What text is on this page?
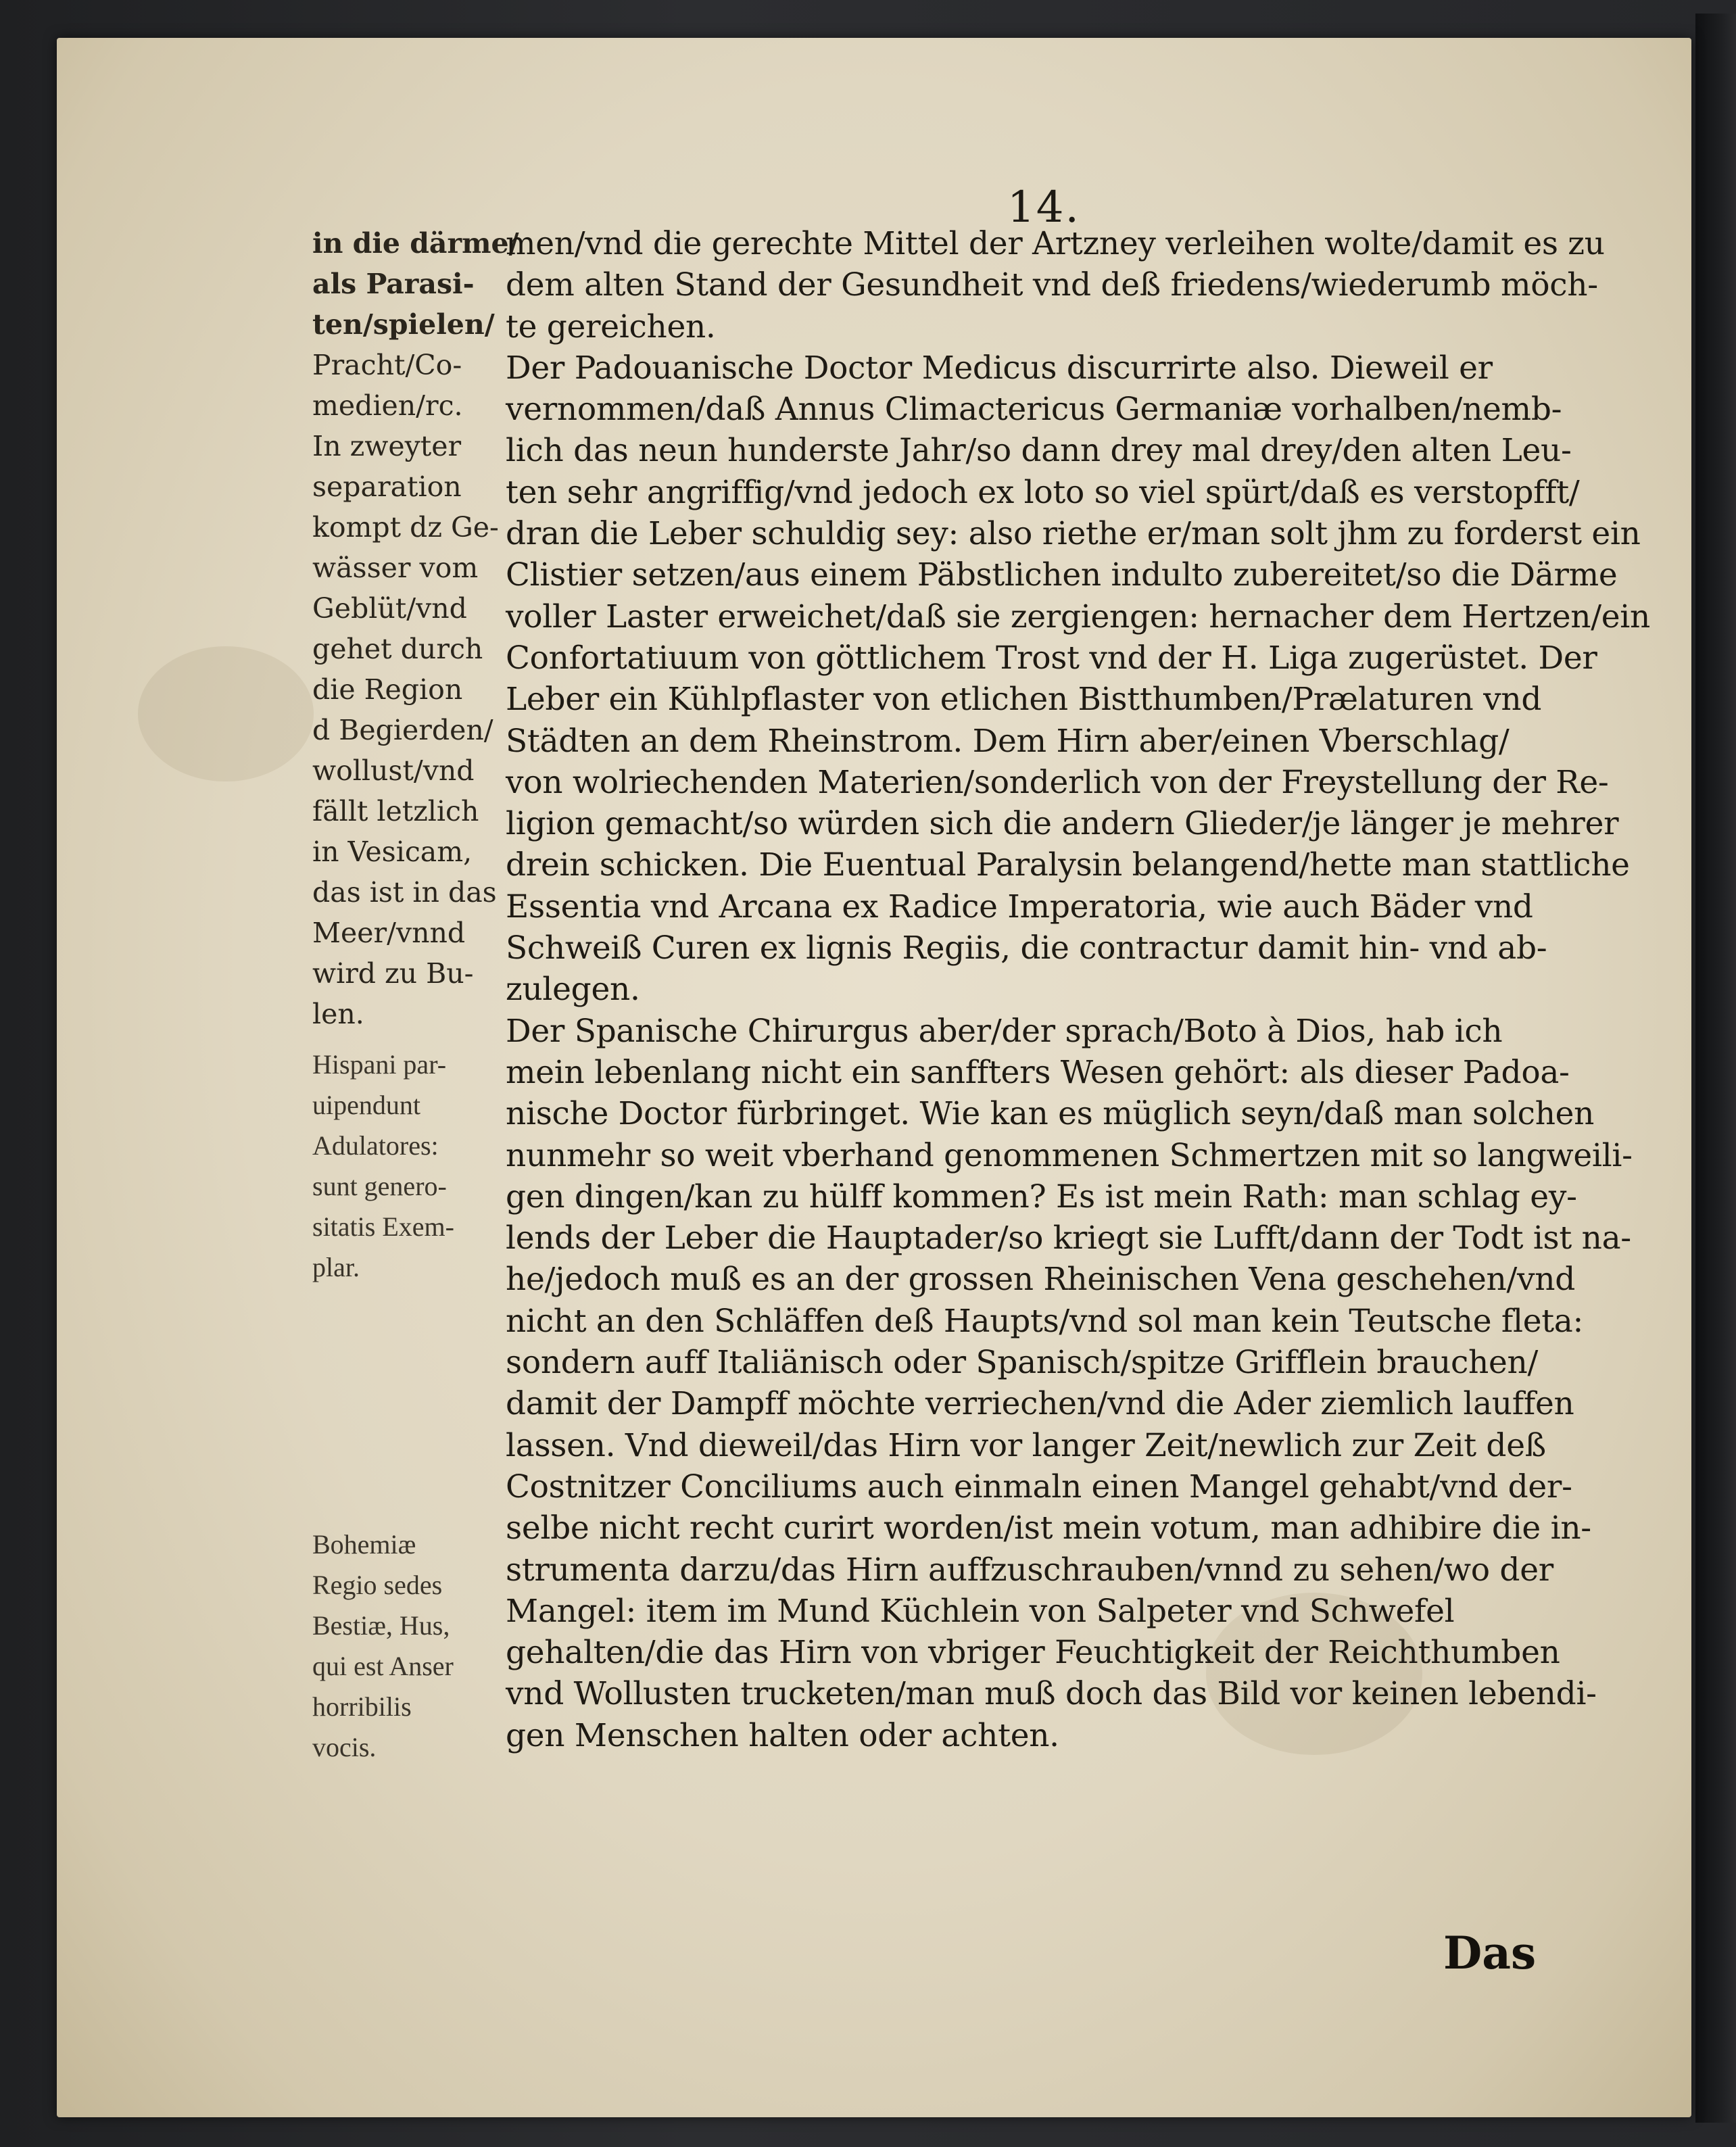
14.
in die därme/
als Parasi-
ten/spielen/
Pracht/Co-
medien/rc.
In zweyter
separation
kompt dz Ge-
wässer vom
Geblüt/vnd
gehet durch
die Region
d Begierden/
wollust/vnd
fällt letzlich
in Vesicam,
das ist in das
Meer/vnnd
wird zu Bu-
len.
Hispani par-
uipendunt
Adulatores:
sunt genero-
sitatis Exem-
plar.
Bohemiæ
Regio sedes
Bestiæ, Hus,
qui est Anser
horribilis
vocis.
men/vnd die gerechte Mittel der Artzney verleihen wolte/damit es zu
dem alten Stand der Gesundheit vnd deß friedens/wiederumb möch-
te gereichen.
Der Padouanische Doctor Medicus discurrirte also. Dieweil er
vernommen/daß Annus Climactericus Germaniæ vorhalben/nemb-
lich das neun hunderste Jahr/so dann drey mal drey/den alten Leu-
ten sehr angriffig/vnd jedoch ex loto so viel spürt/daß es verstopfft/
dran die Leber schuldig sey: also riethe er/man solt jhm zu forderst ein
Clistier setzen/aus einem Päbstlichen indulto zubereitet/so die Därme
voller Laster erweichet/daß sie zergiengen: hernacher dem Hertzen/ein
Confortatiuum von göttlichem Trost vnd der H. Liga zugerüstet. Der
Leber ein Kühlpflaster von etlichen Bistthumben/Prælaturen vnd
Städten an dem Rheinstrom. Dem Hirn aber/einen Vberschlag/
von wolriechenden Materien/sonderlich von der Freystellung der Re-
ligion gemacht/so würden sich die andern Glieder/je länger je mehrer
drein schicken. Die Euentual Paralysin belangend/hette man stattliche
Essentia vnd Arcana ex Radice Imperatoria, wie auch Bäder vnd
Schweiß Curen ex lignis Regiis, die contractur damit hin- vnd ab-
zulegen.
Der Spanische Chirurgus aber/der sprach/Boto à Dios, hab ich
mein lebenlang nicht ein sanffters Wesen gehört: als dieser Padoa-
nische Doctor fürbringet. Wie kan es müglich seyn/daß man solchen
nunmehr so weit vberhand genommenen Schmertzen mit so langweili-
gen dingen/kan zu hülff kommen? Es ist mein Rath: man schlag ey-
lends der Leber die Hauptader/so kriegt sie Lufft/dann der Todt ist na-
he/jedoch muß es an der grossen Rheinischen Vena geschehen/vnd
nicht an den Schläffen deß Haupts/vnd sol man kein Teutsche fleta:
sondern auff Italiänisch oder Spanisch/spitze Grifflein brauchen/
damit der Dampff möchte verriechen/vnd die Ader ziemlich lauffen
lassen. Vnd dieweil/das Hirn vor langer Zeit/newlich zur Zeit deß
Costnitzer Conciliums auch einmaln einen Mangel gehabt/vnd der-
selbe nicht recht curirt worden/ist mein votum, man adhibire die in-
strumenta darzu/das Hirn auffzuschrauben/vnnd zu sehen/wo der
Mangel: item im Mund Küchlein von Salpeter vnd Schwefel
gehalten/die das Hirn von vbriger Feuchtigkeit der Reichthumben
vnd Wollusten trucketen/man muß doch das Bild vor keinen lebendi-
gen Menschen halten oder achten.
Das
